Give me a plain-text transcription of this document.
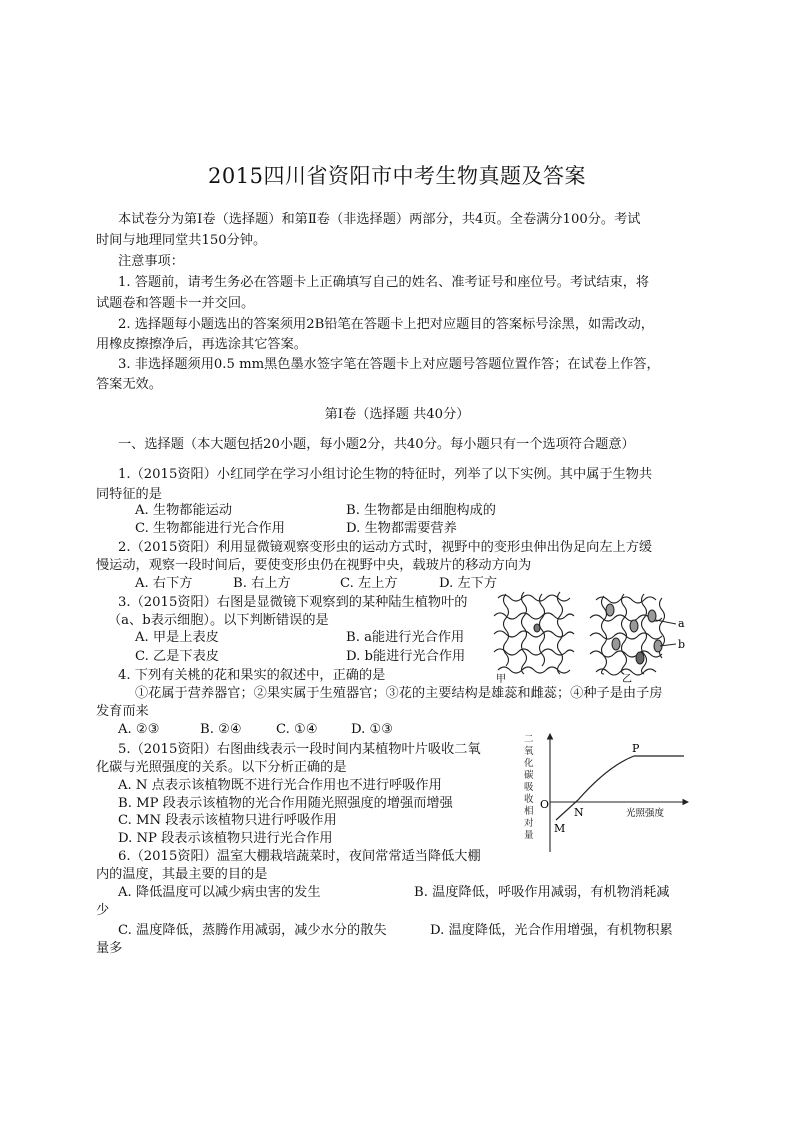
2015四川省资阳市中考生物真题及答案
本试卷分为第Ⅰ卷（选择题）和第Ⅱ卷（非选择题）两部分，共4页。全卷满分100分。考试
时间与地理同堂共150分钟。
注意事项：
1. 答题前，请考生务必在答题卡上正确填写自己的姓名、准考证号和座位号。考试结束，将
试题卷和答题卡一并交回。
2. 选择题每小题选出的答案须用2B铅笔在答题卡上把对应题目的答案标号涂黑，如需改动，
用橡皮擦擦净后，再选涂其它答案。
3. 非选择题须用0.5 mm黑色墨水签字笔在答题卡上对应题号答题位置作答；在试卷上作答，
答案无效。
第Ⅰ卷（选择题 共40分）
一、选择题（本大题包括20小题，每小题2分，共40分。每小题只有一个选项符合题意）
1.（2015资阳）小红同学在学习小组讨论生物的特征时，列举了以下实例。其中属于生物共
同特征的是
A. 生物都能运动	B. 生物都是由细胞构成的
C. 生物都能进行光合作用	D. 生物都需要营养
2.（2015资阳）利用显微镜观察变形虫的运动方式时，视野中的变形虫伸出伪足向左上方缓
慢运动，观察一段时间后，要使变形虫仍在视野中央，载玻片的移动方向为
A. 右下方	B. 右上方	C. 左上方	D. 左下方
3.（2015资阳）右图是显微镜下观察到的某种陆生植物叶的
（a、b表示细胞）。以下判断错误的是
A. 甲是上表皮	B. a能进行光合作用
C. 乙是下表皮	D. b能进行光合作用
甲	乙
a
b
4. 下列有关桃的花和果实的叙述中，正确的是
①花属于营养器官；②果实属于生殖器官；③花的主要结构是雄蕊和雌蕊；④种子是由子房
发育而来
A. ②③	B. ②④	C. ①④	D. ①③
5.（2015资阳）右图曲线表示一段时间内某植物叶片吸收二氧
化碳与光照强度的关系。以下分析正确的是
A. N 点表示该植物既不进行光合作用也不进行呼吸作用
B. MP 段表示该植物的光合作用随光照强度的增强而增强
C. MN 段表示该植物只进行呼吸作用
D. NP 段表示该植物只进行光合作用
二
氧
化
碳
吸
收
相
对
量
光照强度
P
O
N
M
6.（2015资阳）温室大棚栽培蔬菜时，夜间常常适当降低大棚
内的温度，其最主要的目的是
A. 降低温度可以减少病虫害的发生	B. 温度降低，呼吸作用减弱，有机物消耗减
少
C. 温度降低，蒸腾作用减弱，减少水分的散失	D. 温度降低，光合作用增强，有机物积累
量多
